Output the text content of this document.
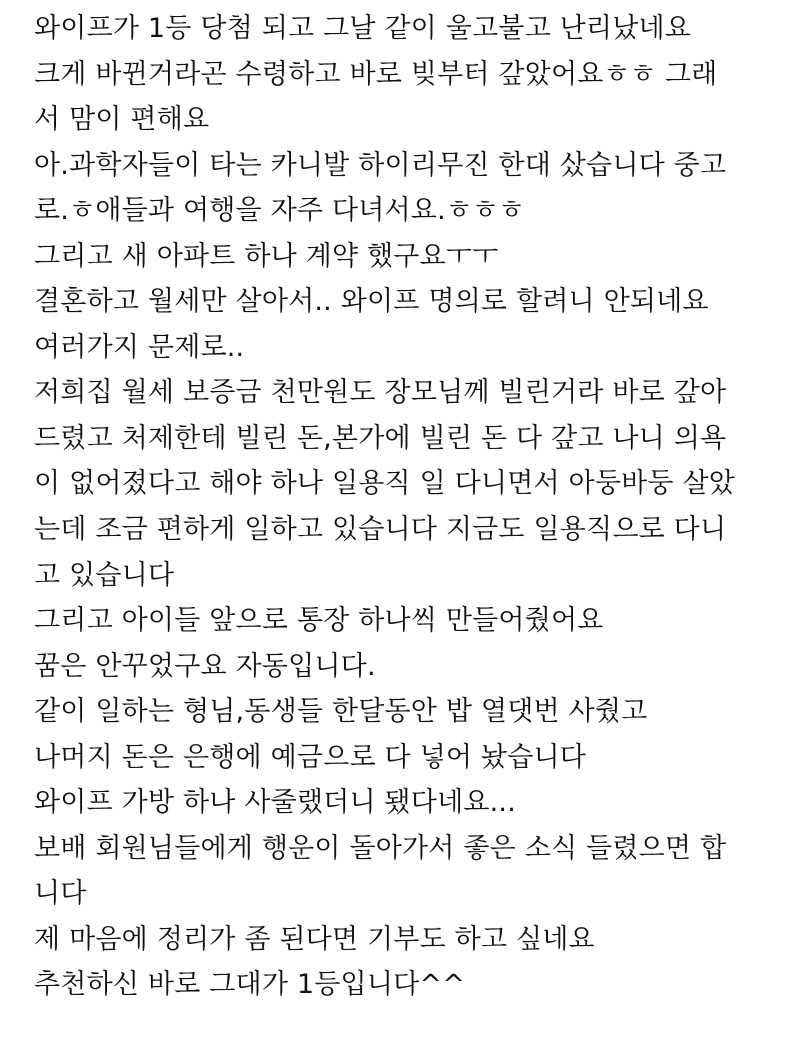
와이프가 1등 당첨 되고 그날 같이 울고불고 난리났네요
크게 바뀐거라곤 수령하고 바로 빚부터 갚았어요ㅎㅎ 그래
서 맘이 편해요
아.과학자들이 타는 카니발 하이리무진 한대 샀습니다 중고
로.ㅎ애들과 여행을 자주 다녀서요.ㅎㅎㅎ
그리고 새 아파트 하나 계약 했구요ㅜㅜ
결혼하고 월세만 살아서.. 와이프 명의로 할려니 안되네요
여러가지 문제로..
저희집 월세 보증금 천만원도 장모님께 빌린거라 바로 갚아
드렸고 처제한테 빌린 돈,본가에 빌린 돈 다 갚고 나니 의욕
이 없어졌다고 해야 하나 일용직 일 다니면서 아둥바둥 살았
는데 조금 편하게 일하고 있습니다 지금도 일용직으로 다니
고 있습니다
그리고 아이들 앞으로 통장 하나씩 만들어줬어요
꿈은 안꾸었구요 자동입니다.
같이 일하는 형님,동생들 한달동안 밥 열댓번 사줬고
나머지 돈은 은행에 예금으로 다 넣어 놨습니다
와이프 가방 하나 사줄랬더니 됐다네요...
보배 회원님들에게 행운이 돌아가서 좋은 소식 들렸으면 합
니다
제 마음에 정리가 좀 된다면 기부도 하고 싶네요
추천하신 바로 그대가 1등입니다^^
